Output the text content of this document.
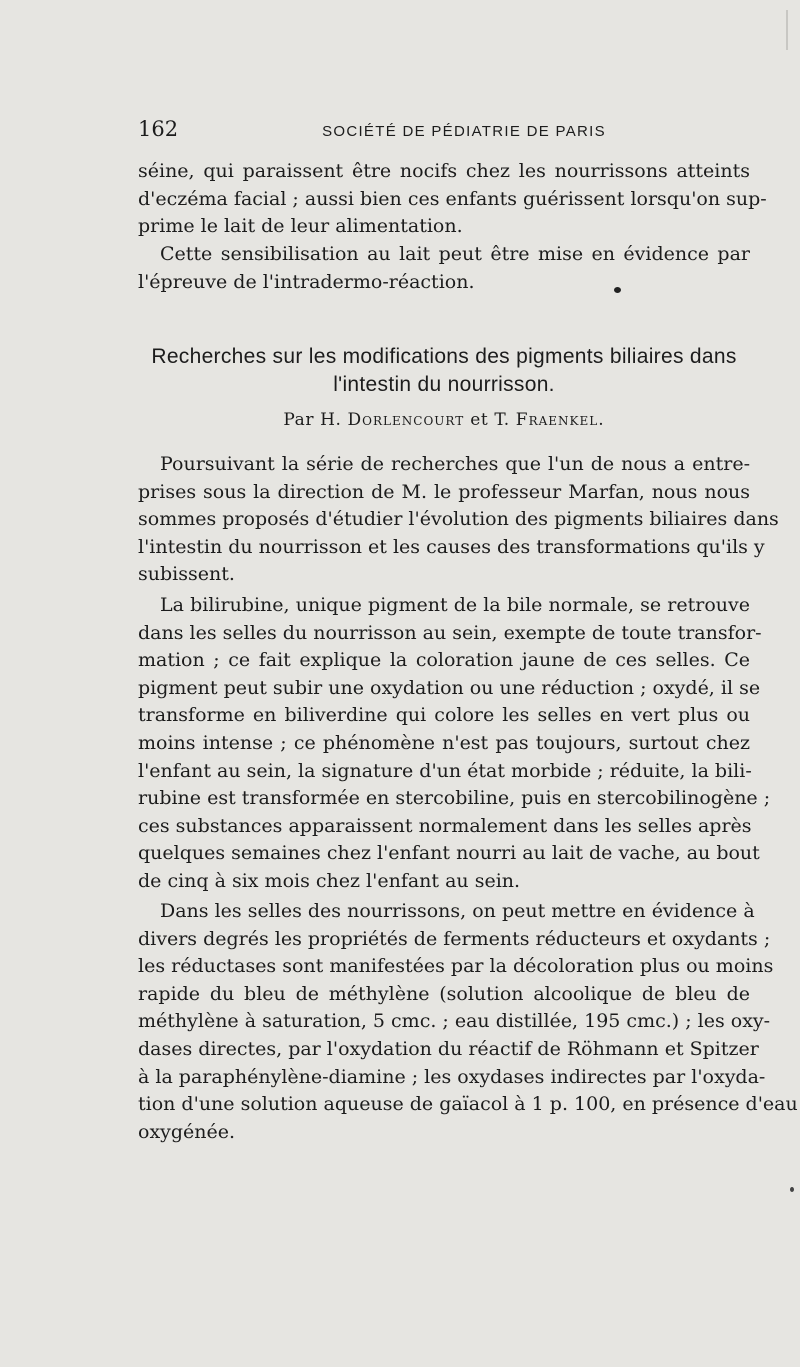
162	SOCIÉTÉ DE PÉDIATRIE DE PARIS

séine, qui paraissent être nocifs chez les nourrissons atteints
d'eczéma facial ; aussi bien ces enfants guérissent lorsqu'on sup-
prime le lait de leur alimentation.

Cette sensibilisation au lait peut être mise en évidence par
l'épreuve de l'intradermo-réaction.

Recherches sur les modifications des pigments biliaires dans
l'intestin du nourrisson.
Par H. Dorlencourt et T. Fraenkel.

Poursuivant la série de recherches que l'un de nous a entre-
prises sous la direction de M. le professeur Marfan, nous nous
sommes proposés d'étudier l'évolution des pigments biliaires dans
l'intestin du nourrisson et les causes des transformations qu'ils y
subissent.

La bilirubine, unique pigment de la bile normale, se retrouve
dans les selles du nourrisson au sein, exempte de toute transfor-
mation ; ce fait explique la coloration jaune de ces selles. Ce
pigment peut subir une oxydation ou une réduction ; oxydé, il se
transforme en biliverdine qui colore les selles en vert plus ou
moins intense ; ce phénomène n'est pas toujours, surtout chez
l'enfant au sein, la signature d'un état morbide ; réduite, la bili-
rubine est transformée en stercobiline, puis en stercobilinogène ;
ces substances apparaissent normalement dans les selles après
quelques semaines chez l'enfant nourri au lait de vache, au bout
de cinq à six mois chez l'enfant au sein.

Dans les selles des nourrissons, on peut mettre en évidence à
divers degrés les propriétés de ferments réducteurs et oxydants ;
les réductases sont manifestées par la décoloration plus ou moins
rapide du bleu de méthylène (solution alcoolique de bleu de
méthylène à saturation, 5 cmc. ; eau distillée, 195 cmc.) ; les oxy-
dases directes, par l'oxydation du réactif de Röhmann et Spitzer
à la paraphénylène-diamine ; les oxydases indirectes par l'oxyda-
tion d'une solution aqueuse de gaïacol à 1 p. 100, en présence d'eau
oxygénée.
